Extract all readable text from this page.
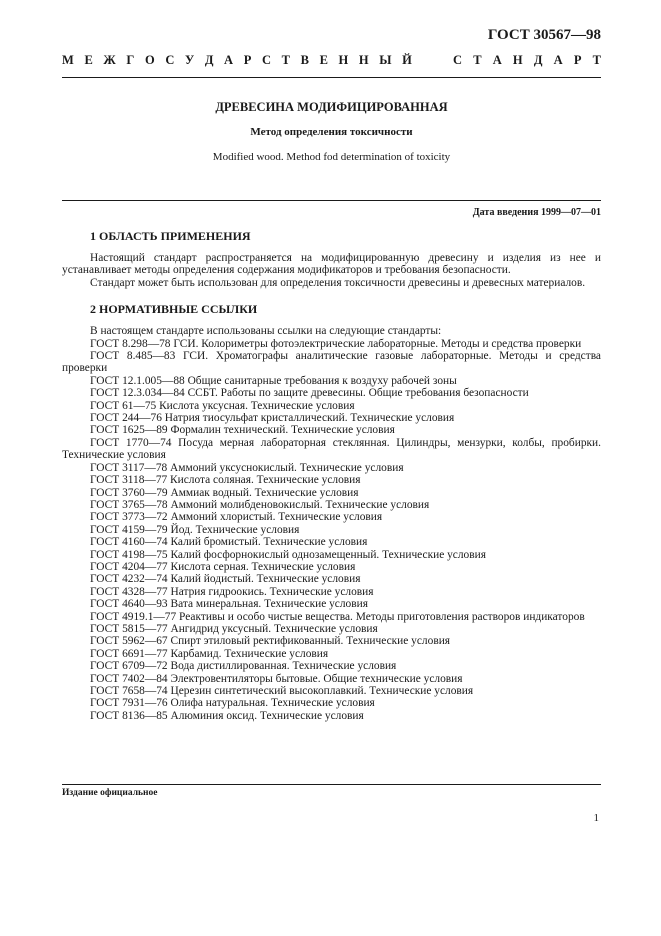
ГОСТ 30567—98
М Е Ж Г О С У Д А Р С Т В Е Н Н Ы Й	С Т А Н Д А Р Т
ДРЕВЕСИНА МОДИФИЦИРОВАННАЯ
Метод определения токсичности
Modified wood. Method fod determination of toxicity
Дата введения 1999—07—01
1 ОБЛАСТЬ ПРИМЕНЕНИЯ

Настоящий стандарт распространяется на модифицированную древесину и изделия из нее и устанавливает методы определения содержания модификаторов и требования безопасности.

Стандарт может быть использован для определения токсичности древесины и древесных материалов.

2 НОРМАТИВНЫЕ ССЫЛКИ

В настоящем стандарте использованы ссылки на следующие стандарты:

ГОСТ 8.298—78 ГСИ. Колориметры фотоэлектрические лабораторные. Методы и средства проверки

ГОСТ 8.485—83 ГСИ. Хроматографы аналитические газовые лабораторные. Методы и средства проверки

ГОСТ 12.1.005—88 Общие санитарные требования к воздуху рабочей зоны

ГОСТ 12.3.034—84 ССБТ. Работы по защите древесины. Общие требования безопасности

ГОСТ 61—75 Кислота уксусная. Технические условия

ГОСТ 244—76 Натрия тиосульфат кристаллический. Технические условия

ГОСТ 1625—89 Формалин технический. Технические условия

ГОСТ 1770—74 Посуда мерная лабораторная стеклянная. Цилиндры, мензурки, колбы, пробирки. Технические условия

ГОСТ 3117—78 Аммоний уксуснокислый. Технические условия

ГОСТ 3118—77 Кислота соляная. Технические условия

ГОСТ 3760—79 Аммиак водный. Технические условия

ГОСТ 3765—78 Аммоний молибденовокислый. Технические условия

ГОСТ 3773—72 Аммоний хлористый. Технические условия

ГОСТ 4159—79 Йод. Технические условия

ГОСТ 4160—74 Калий бромистый. Технические условия

ГОСТ 4198—75 Калий фосфорнокислый однозамещенный. Технические условия

ГОСТ 4204—77 Кислота серная. Технические условия

ГОСТ 4232—74 Калий йодистый. Технические условия

ГОСТ 4328—77 Натрия гидроокись. Технические условия

ГОСТ 4640—93 Вата минеральная. Технические условия

ГОСТ 4919.1—77 Реактивы и особо чистые вещества. Методы приготовления растворов индикаторов

ГОСТ 5815—77 Ангидрид уксусный. Технические условия

ГОСТ 5962—67 Спирт этиловый ректификованный. Технические условия

ГОСТ 6691—77 Карбамид. Технические условия

ГОСТ 6709—72 Вода дистиллированная. Технические условия

ГОСТ 7402—84 Электровентиляторы бытовые. Общие технические условия

ГОСТ 7658—74 Церезин синтетический высокоплавкий. Технические условия

ГОСТ 7931—76 Олифа натуральная. Технические условия

ГОСТ 8136—85 Алюминия оксид. Технические условия

Издание официальное
1
